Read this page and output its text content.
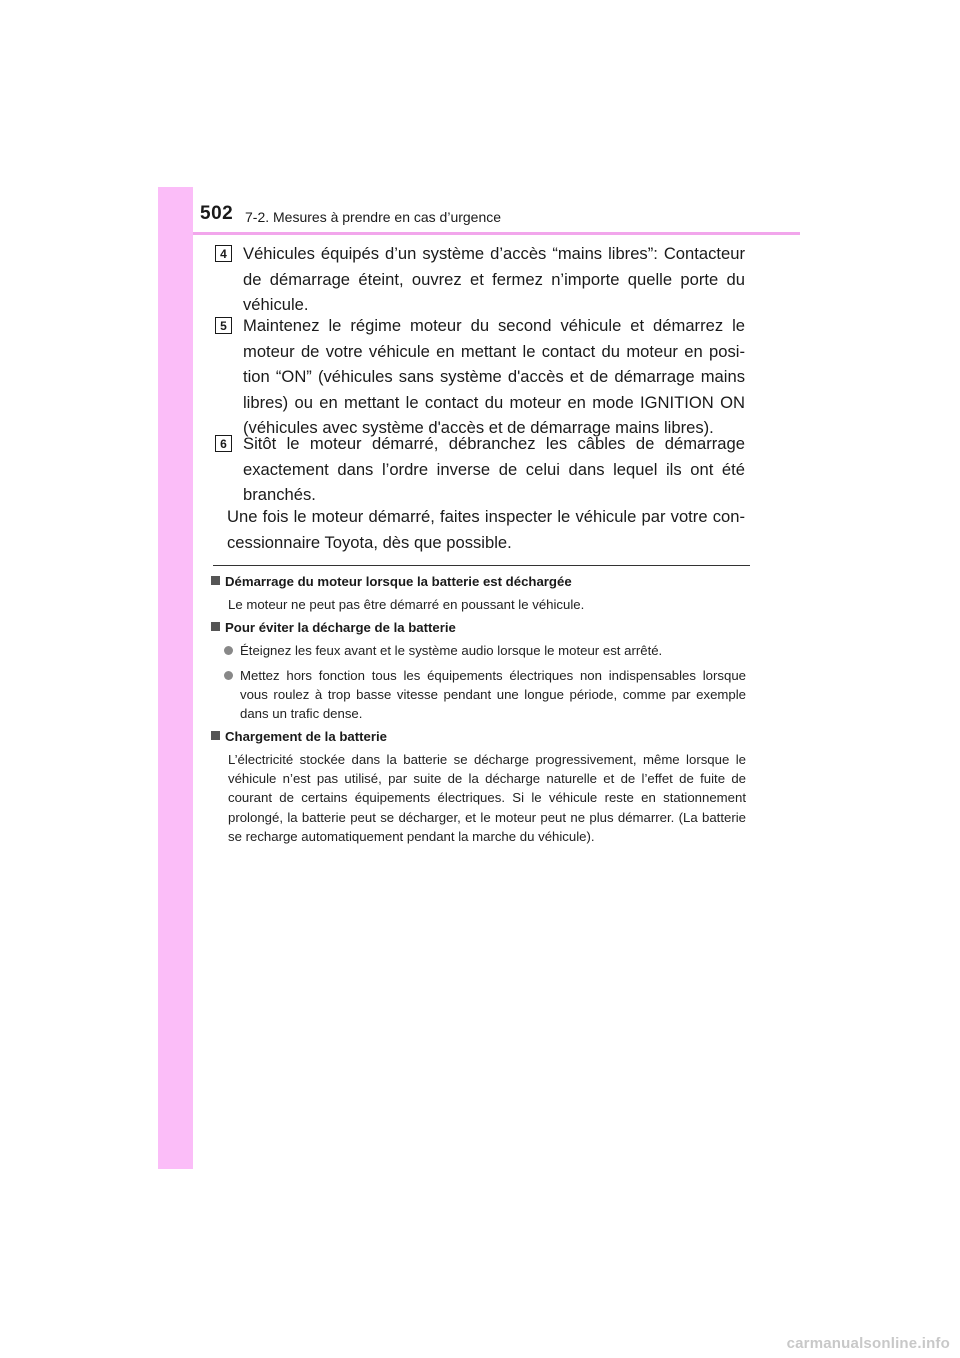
502 7-2. Mesures à prendre en cas d’urgence
4 Véhicules équipés d’un système d’accès “mains libres”: Contacteur de démarrage éteint, ouvrez et fermez n’importe quelle porte du véhicule.
5 Maintenez le régime moteur du second véhicule et démarrez le moteur de votre véhicule en mettant le contact du moteur en posi-tion “ON” (véhicules sans système d'accès et de démarrage mains libres) ou en mettant le contact du moteur en mode IGNITION ON (véhicules avec système d'accès et de démarrage mains libres).
6 Sitôt le moteur démarré, débranchez les câbles de démarrage exactement dans l’ordre inverse de celui dans lequel ils ont été branchés.
Une fois le moteur démarré, faites inspecter le véhicule par votre con-cessionnaire Toyota, dès que possible.
Démarrage du moteur lorsque la batterie est déchargée
Le moteur ne peut pas être démarré en poussant le véhicule.
Pour éviter la décharge de la batterie
Éteignez les feux avant et le système audio lorsque le moteur est arrêté.
Mettez hors fonction tous les équipements électriques non indispensables lorsque vous roulez à trop basse vitesse pendant une longue période, comme par exemple dans un trafic dense.
Chargement de la batterie
L’électricité stockée dans la batterie se décharge progressivement, même lorsque le véhicule n’est pas utilisé, par suite de la décharge naturelle et de l’effet de fuite de courant de certains équipements électriques. Si le véhicule reste en stationnement prolongé, la batterie peut se décharger, et le moteur peut ne plus démarrer. (La batterie se recharge automatiquement pendant la marche du véhicule).
carmanualsonline.info
